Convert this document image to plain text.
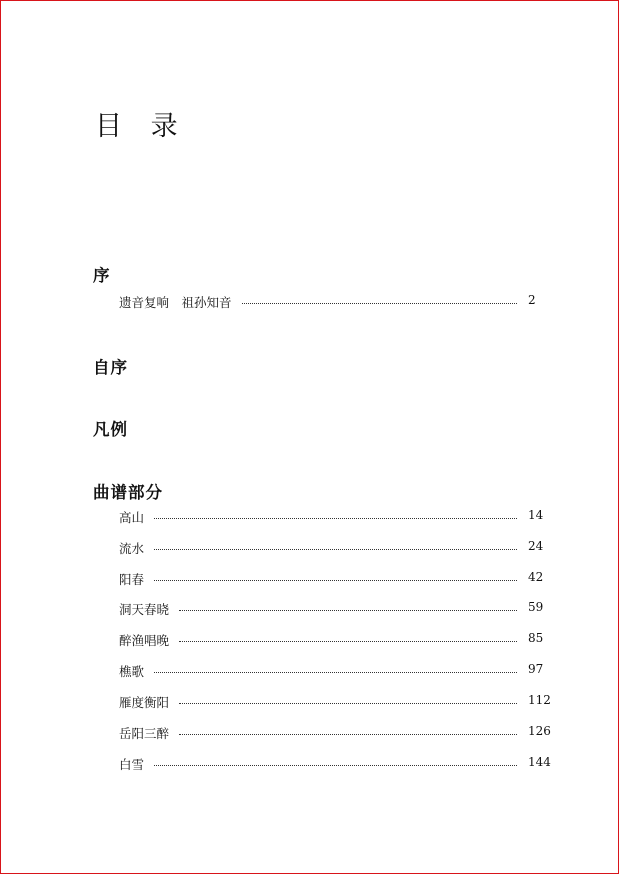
目 录
序
遗音复响　祖孙知音	2
自序
凡例
曲谱部分
高山	14
流水	24
阳春	42
洞天春晓	59
醉渔唱晚	85
樵歌	97
雁度衡阳	112
岳阳三醉	126
白雪	144
